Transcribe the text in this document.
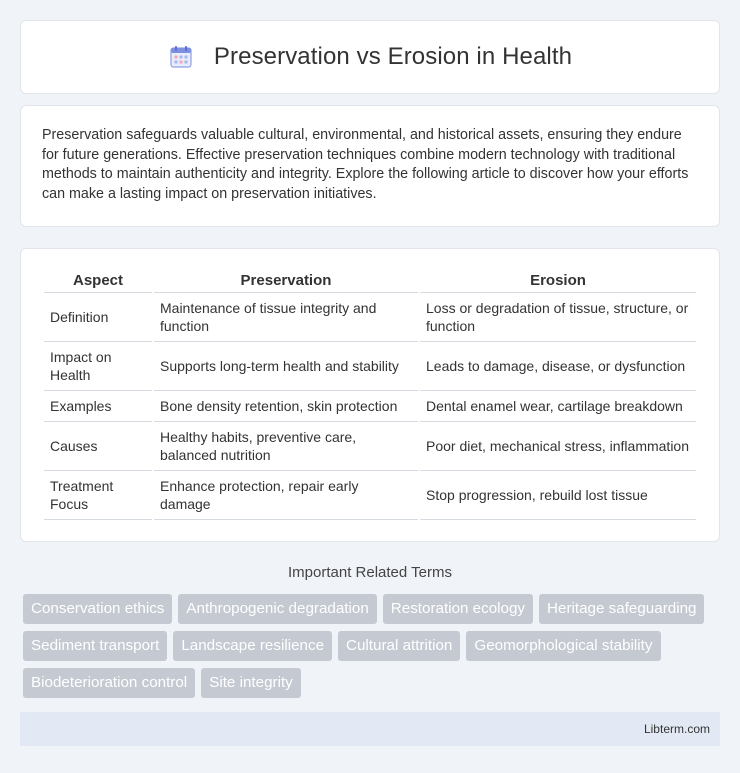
Preservation vs Erosion in Health

Preservation safeguards valuable cultural, environmental, and historical assets, ensuring they endure for future generations. Effective preservation techniques combine modern technology with traditional methods to maintain authenticity and integrity. Explore the following article to discover how your efforts can make a lasting impact on preservation initiatives.

Aspect	Preservation	Erosion
Definition	Maintenance of tissue integrity and function	Loss or degradation of tissue, structure, or function
Impact on Health	Supports long-term health and stability	Leads to damage, disease, or dysfunction
Examples	Bone density retention, skin protection	Dental enamel wear, cartilage breakdown
Causes	Healthy habits, preventive care, balanced nutrition	Poor diet, mechanical stress, inflammation
Treatment Focus	Enhance protection, repair early damage	Stop progression, rebuild lost tissue
Important Related Terms
Conservation ethics	Anthropogenic degradation	Restoration ecology	Heritage safeguarding
Sediment transport	Landscape resilience	Cultural attrition	Geomorphological stability
Biodeterioration control	Site integrity
Libterm.com
